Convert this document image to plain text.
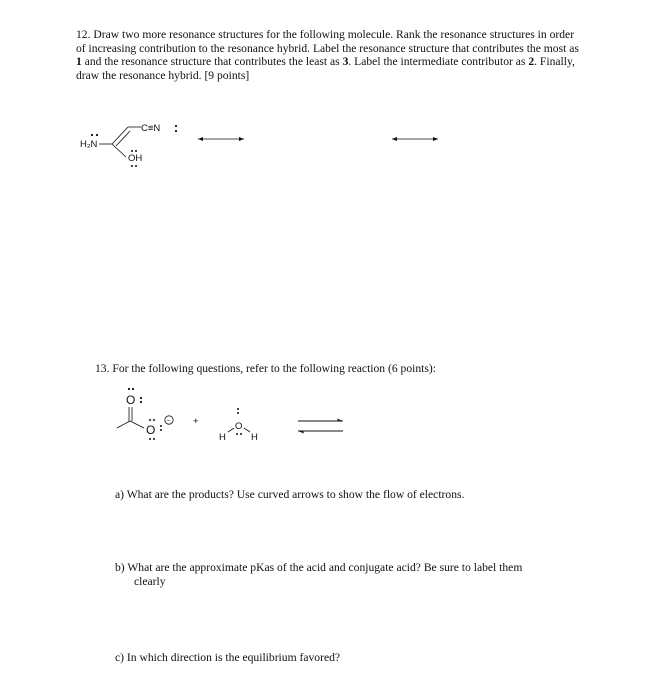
12. Draw two more resonance structures for the following molecule. Rank the resonance structures in order of increasing contribution to the resonance hybrid. Label the resonance structure that contributes the most as 1 and the resonance structure that contributes the least as 3. Label the intermediate contributor as 2. Finally, draw the resonance hybrid. [9 points]
H₂N
C≡N
OH
O
O
− +	O
H	H
13. For the following questions, refer to the following reaction (6 points):
a) What are the products? Use curved arrows to show the flow of electrons.
b) What are the approximate pKas of the acid and conjugate acid? Be sure to label them
clearly
c) In which direction is the equilibrium favored?
